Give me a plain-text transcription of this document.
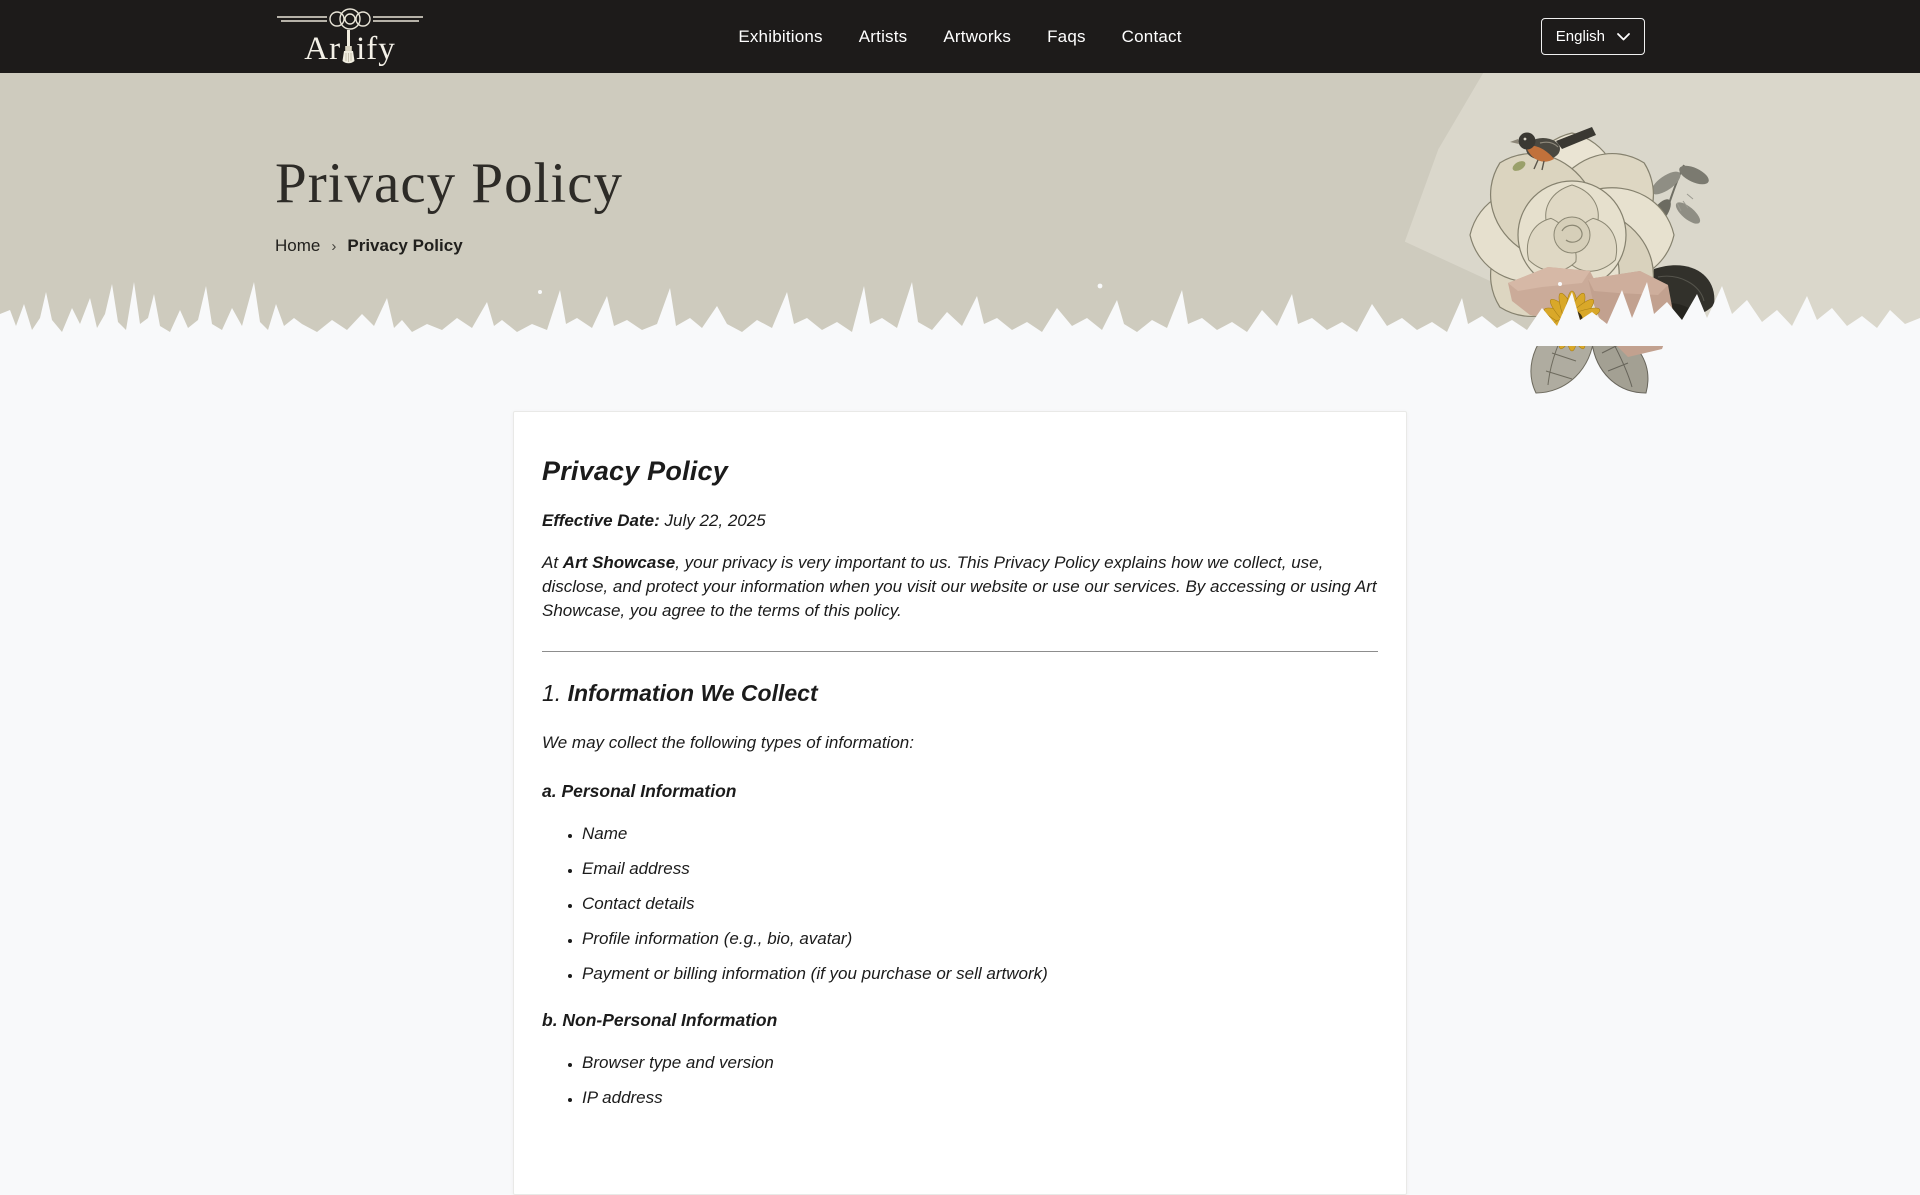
Ar ify	Exhibitions Artists Artworks Faqs Contact	English
Privacy Policy
Home › Privacy Policy
Privacy Policy

Effective Date: July 22, 2025

At Art Showcase, your privacy is very important to us. This Privacy Policy explains how we collect, use, disclose, and protect your information when you visit our website or use our services. By accessing or using Art Showcase, you agree to the terms of this policy.

1. Information We Collect

We may collect the following types of information:

a. Personal Information
• Name
• Email address
• Contact details
• Profile information (e.g., bio, avatar)
• Payment or billing information (if you purchase or sell artwork)
b. Non-Personal Information
• Browser type and version
• IP address
